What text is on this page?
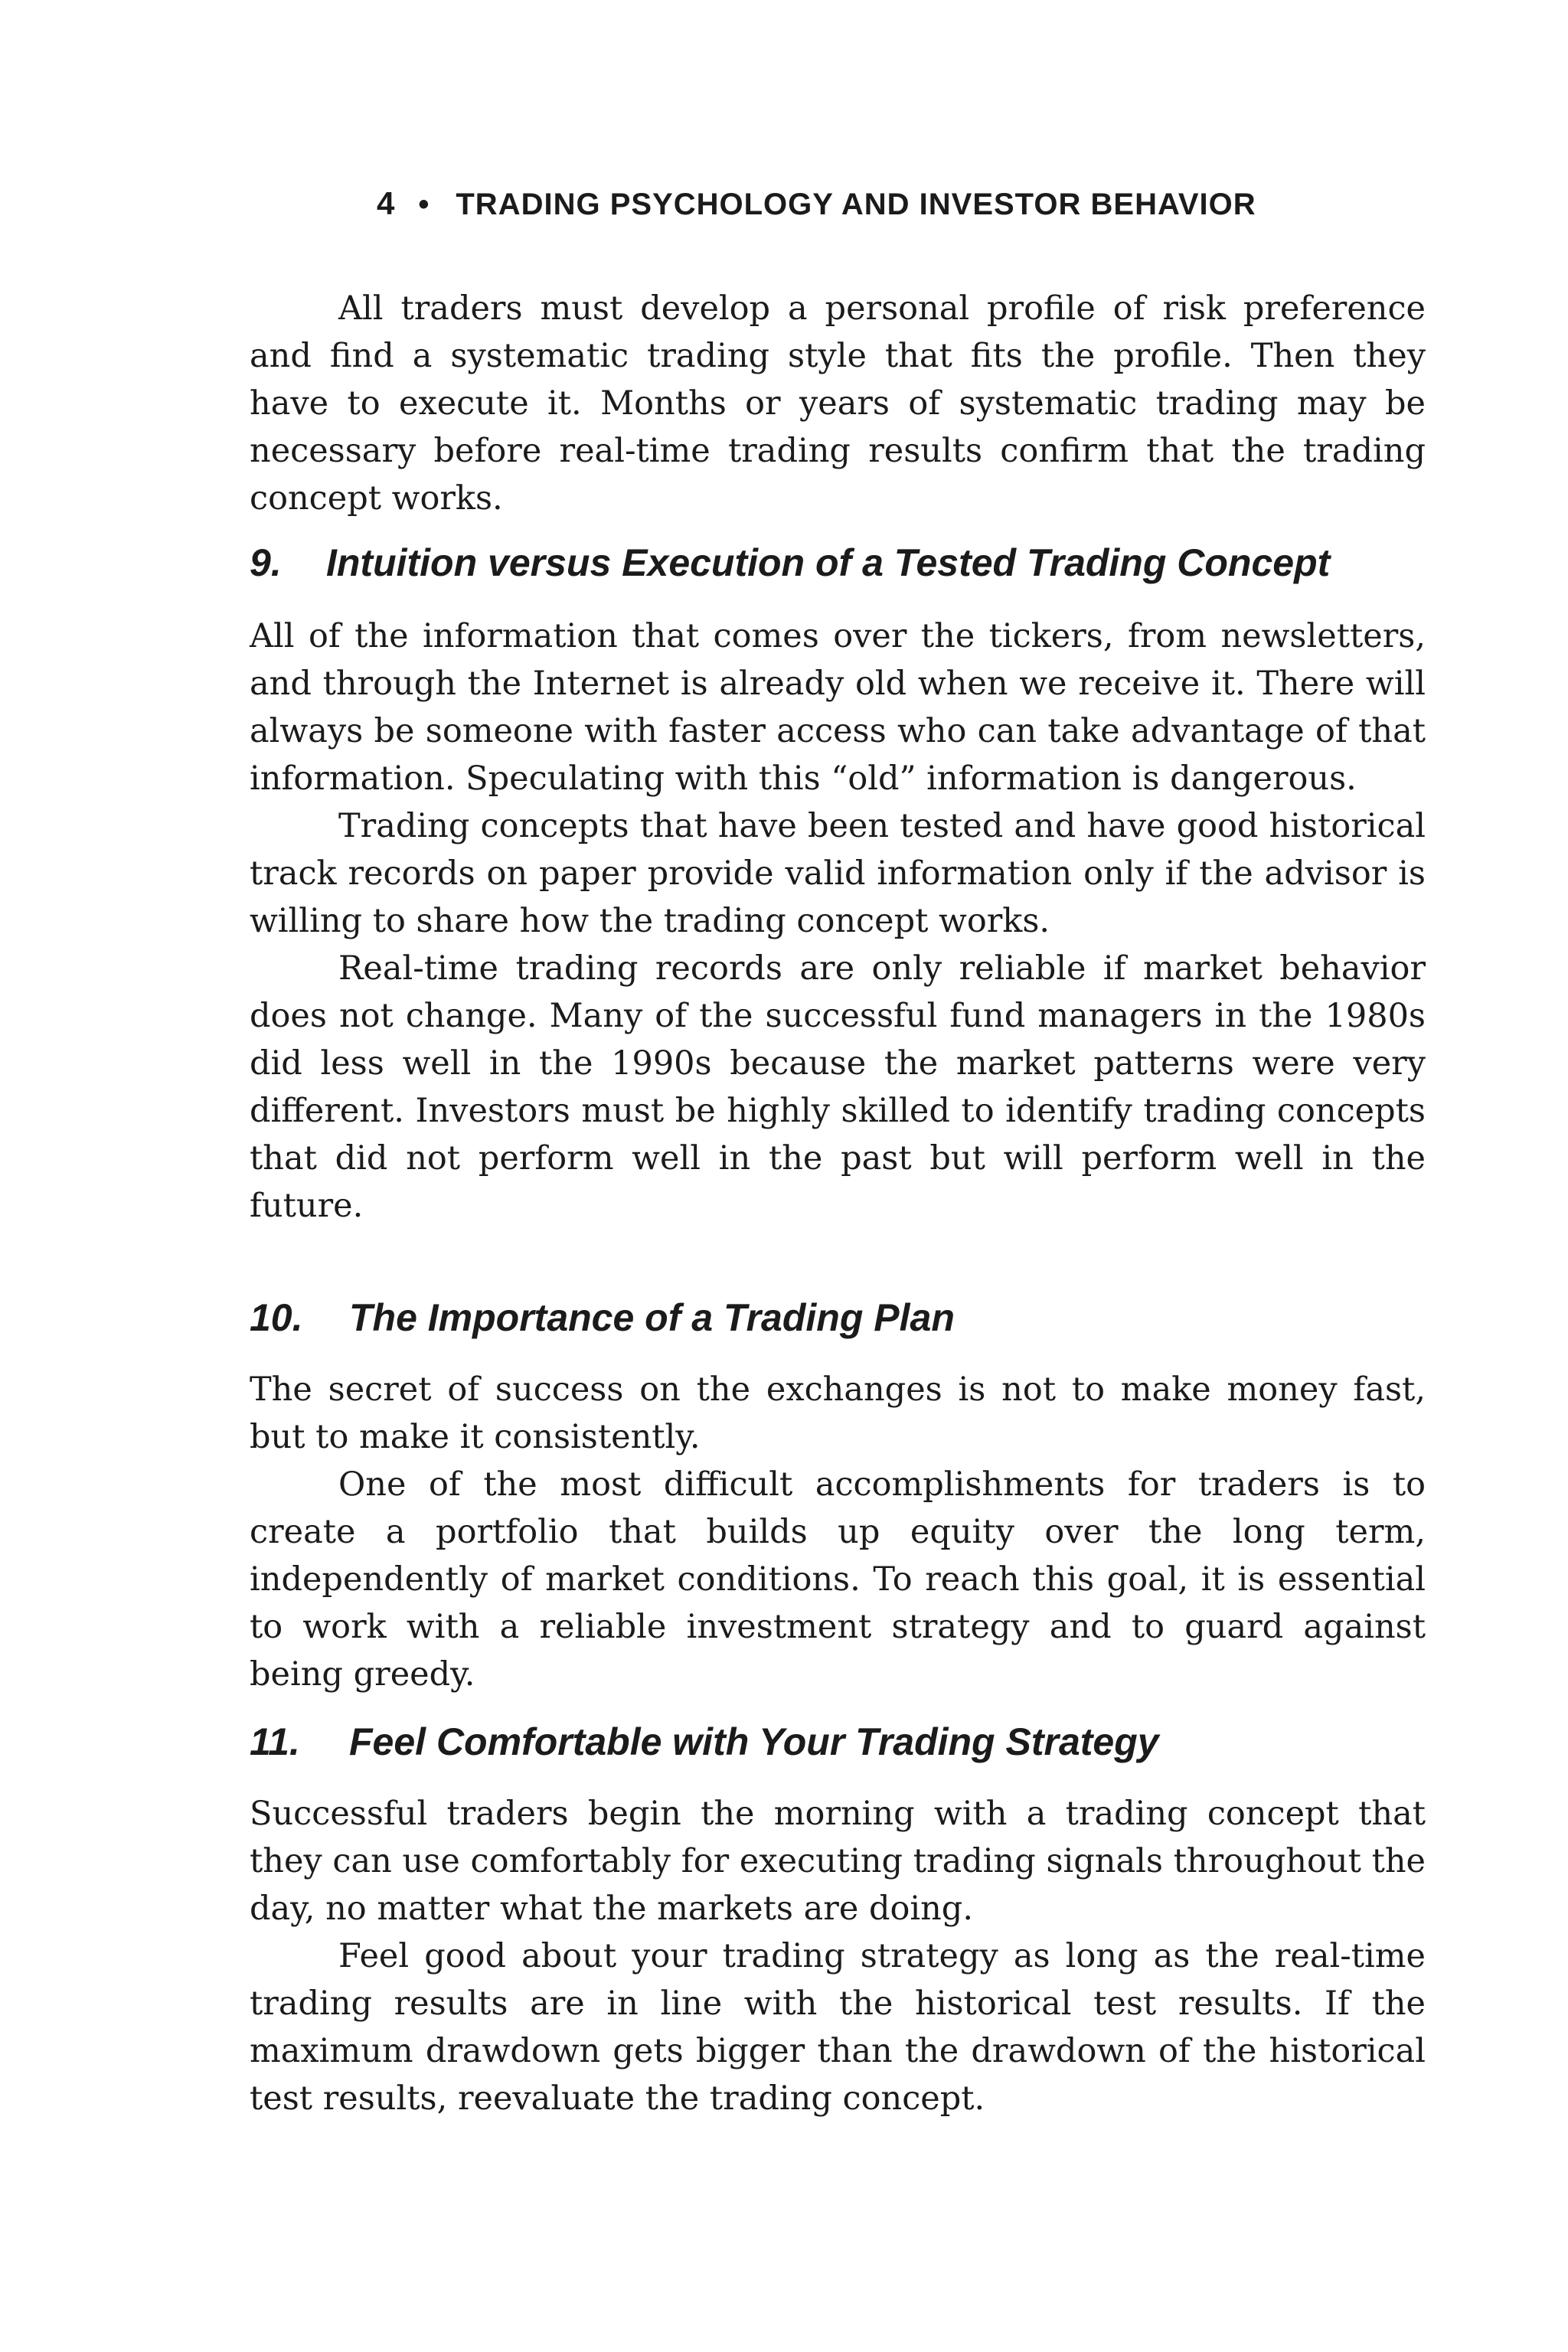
4 • TRADING PSYCHOLOGY AND INVESTOR BEHAVIOR

All traders must develop a personal profile of risk preference and find a systematic trading style that fits the profile. Then they have to execute it. Months or years of systematic trading may be necessary before real-time trading results confirm that the trading concept works.

9. Intuition versus Execution of a Tested Trading Concept

All of the information that comes over the tickers, from newsletters, and through the Internet is already old when we receive it. There will always be someone with faster access who can take advantage of that information. Speculating with this “old” information is dangerous.

Trading concepts that have been tested and have good historical track records on paper provide valid information only if the advisor is willing to share how the trading concept works.

Real-time trading records are only reliable if market behavior does not change. Many of the successful fund managers in the 1980s did less well in the 1990s because the market patterns were very different. Investors must be highly skilled to identify trading concepts that did not perform well in the past but will perform well in the future.

10. The Importance of a Trading Plan

The secret of success on the exchanges is not to make money fast, but to make it consistently.

One of the most difficult accomplishments for traders is to create a portfolio that builds up equity over the long term, independently of market conditions. To reach this goal, it is essential to work with a reliable investment strategy and to guard against being greedy.

11. Feel Comfortable with Your Trading Strategy

Successful traders begin the morning with a trading concept that they can use comfortably for executing trading signals throughout the day, no matter what the markets are doing.

Feel good about your trading strategy as long as the real-time trading results are in line with the historical test results. If the maximum drawdown gets bigger than the drawdown of the historical test results, reevaluate the trading concept.
